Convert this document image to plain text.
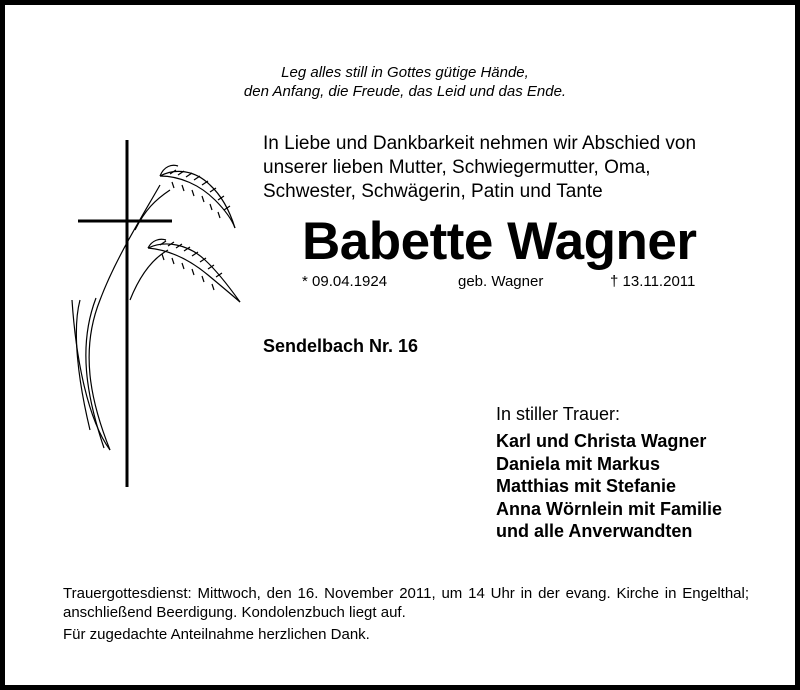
Leg alles still in Gottes gütige Hände,
den Anfang, die Freude, das Leid und das Ende.
In Liebe und Dankbarkeit nehmen wir Abschied von
unserer lieben Mutter, Schwiegermutter, Oma,
Schwester, Schwägerin, Patin und Tante
Babette Wagner
* 09.04.1924	geb. Wagner	† 13.11.2011
Sendelbach Nr. 16
In stiller Trauer:
Karl und Christa Wagner
Daniela mit Markus
Matthias mit Stefanie
Anna Wörnlein mit Familie
und alle Anverwandten
Trauergottesdienst: Mittwoch, den 16. November 2011, um 14 Uhr in der evang. Kirche in Engelthal; anschließend Beerdigung. Kondolenzbuch liegt auf.
Für zugedachte Anteilnahme herzlichen Dank.
